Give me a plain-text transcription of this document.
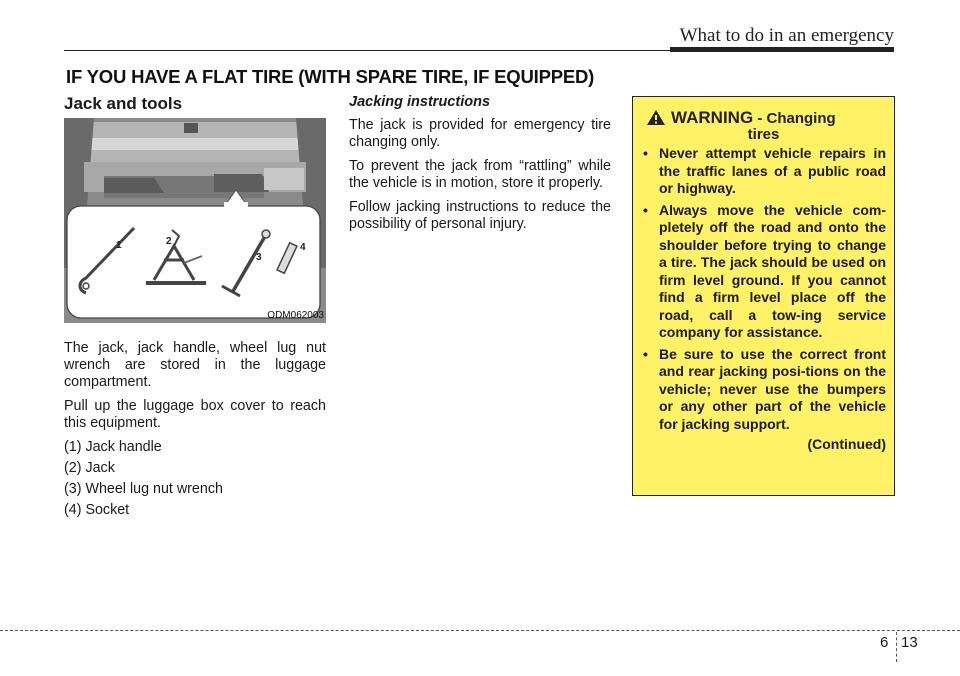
What to do in an emergency
IF YOU HAVE A FLAT TIRE (WITH SPARE TIRE, IF EQUIPPED)
Jack and tools
1	2
3
4
ODM062003

The jack, jack handle, wheel lug nut wrench are stored in the luggage compartment.

Pull up the luggage box cover to reach this equipment.

(1) Jack handle
(2) Jack
(3) Wheel lug nut wrench
(4) Socket
Jacking instructions

The jack is provided for emergency tire changing only.

To prevent the jack from “rattling” while the vehicle is in motion, store it properly.

Follow jacking instructions to reduce the possibility of personal injury.

WARNING - Changing
tires
• Never attempt vehicle repairs in the traffic lanes of a public road or highway.
• Always move the vehicle com-pletely off the road and onto the shoulder before trying to change a tire. The jack should be used on firm level ground. If you cannot find a firm level place off the road, call a tow-ing service company for assistance.
• Be sure to use the correct front and rear jacking posi-tions on the vehicle; never use the bumpers or any other part of the vehicle for jacking support.
(Continued)
6 13
